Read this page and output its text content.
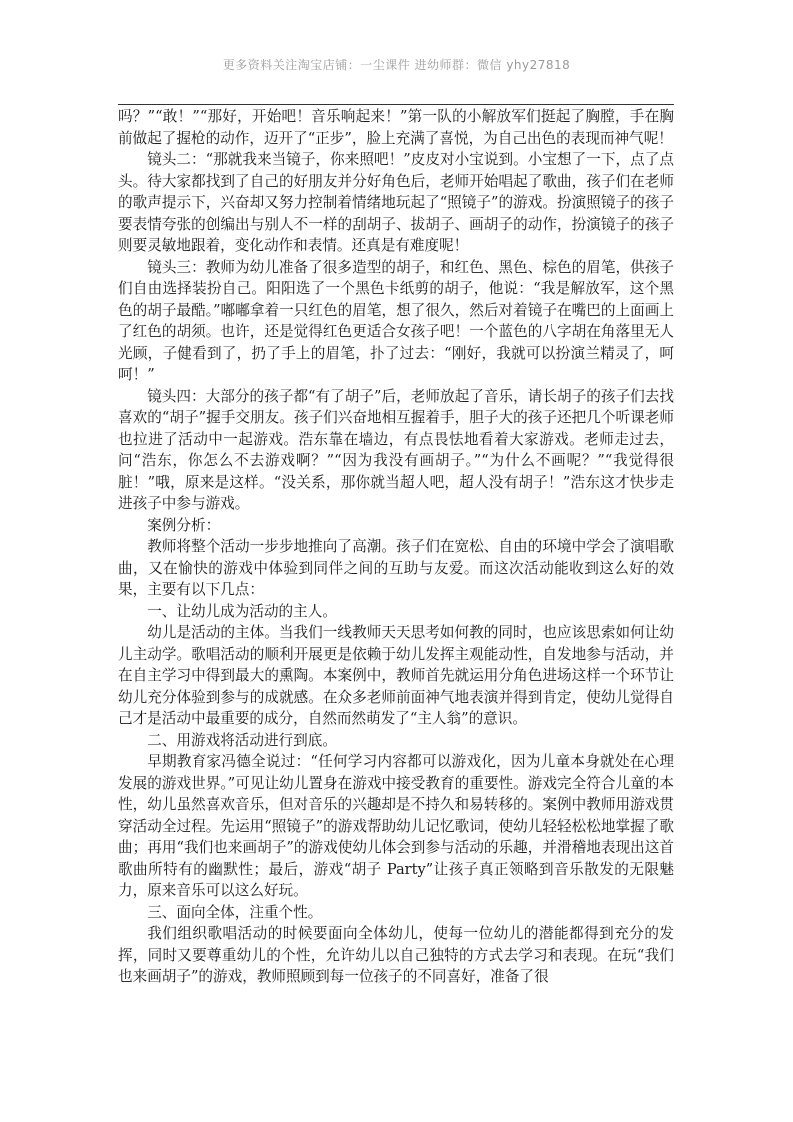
更多资料关注淘宝店铺：一尘课件 进幼师群：微信 yhy27818

吗？”“敢！”“那好，开始吧！音乐响起来！”第一队的小解放军们挺起了胸膛，手在胸前做起了握枪的动作，迈开了“正步”，脸上充满了喜悦，为自己出色的表现而神气呢！

镜头二：“那就我来当镜子，你来照吧！”皮皮对小宝说到。小宝想了一下，点了点头。待大家都找到了自己的好朋友并分好角色后，老师开始唱起了歌曲，孩子们在老师的歌声提示下，兴奋却又努力控制着情绪地玩起了“照镜子”的游戏。扮演照镜子的孩子要表情夸张的创编出与别人不一样的刮胡子、拔胡子、画胡子的动作，扮演镜子的孩子则要灵敏地跟着，变化动作和表情。还真是有难度呢！

镜头三：教师为幼儿准备了很多造型的胡子，和红色、黑色、棕色的眉笔，供孩子们自由选择装扮自己。阳阳选了一个黑色卡纸剪的胡子，他说：“我是解放军，这个黑色的胡子最酷。”嘟嘟拿着一只红色的眉笔，想了很久，然后对着镜子在嘴巴的上面画上了红色的胡须。也许，还是觉得红色更适合女孩子吧！一个蓝色的八字胡在角落里无人光顾，子健看到了，扔了手上的眉笔，扑了过去：“刚好，我就可以扮演兰精灵了，呵呵！”

镜头四：大部分的孩子都“有了胡子”后，老师放起了音乐，请长胡子的孩子们去找喜欢的“胡子”握手交朋友。孩子们兴奋地相互握着手，胆子大的孩子还把几个听课老师也拉进了活动中一起游戏。浩东靠在墙边，有点畏怯地看着大家游戏。老师走过去，问“浩东，你怎么不去游戏啊？”“因为我没有画胡子。”“为什么不画呢？”“我觉得很脏！”哦，原来是这样。“没关系，那你就当超人吧，超人没有胡子！”浩东这才快步走进孩子中参与游戏。

案例分析：

教师将整个活动一步步地推向了高潮。孩子们在宽松、自由的环境中学会了演唱歌曲，又在愉快的游戏中体验到同伴之间的互助与友爱。而这次活动能收到这么好的效果，主要有以下几点：

一、让幼儿成为活动的主人。

幼儿是活动的主体。当我们一线教师天天思考如何教的同时，也应该思索如何让幼儿主动学。歌唱活动的顺利开展更是依赖于幼儿发挥主观能动性，自发地参与活动，并在自主学习中得到最大的熏陶。本案例中，教师首先就运用分角色进场这样一个环节让幼儿充分体验到参与的成就感。在众多老师前面神气地表演并得到肯定，使幼儿觉得自己才是活动中最重要的成分，自然而然萌发了“主人翁”的意识。

二、用游戏将活动进行到底。

早期教育家冯德全说过：“任何学习内容都可以游戏化，因为儿童本身就处在心理发展的游戏世界。”可见让幼儿置身在游戏中接受教育的重要性。游戏完全符合儿童的本性，幼儿虽然喜欢音乐，但对音乐的兴趣却是不持久和易转移的。案例中教师用游戏贯穿活动全过程。先运用“照镜子”的游戏帮助幼儿记忆歌词，使幼儿轻轻松松地掌握了歌曲；再用“我们也来画胡子”的游戏使幼儿体会到参与活动的乐趣，并滑稽地表现出这首歌曲所特有的幽默性；最后，游戏“胡子 Party”让孩子真正领略到音乐散发的无限魅力，原来音乐可以这么好玩。

三、面向全体，注重个性。

我们组织歌唱活动的时候要面向全体幼儿，使每一位幼儿的潜能都得到充分的发挥，同时又要尊重幼儿的个性，允许幼儿以自己独特的方式去学习和表现。在玩“我们也来画胡子”的游戏，教师照顾到每一位孩子的不同喜好，准备了很
